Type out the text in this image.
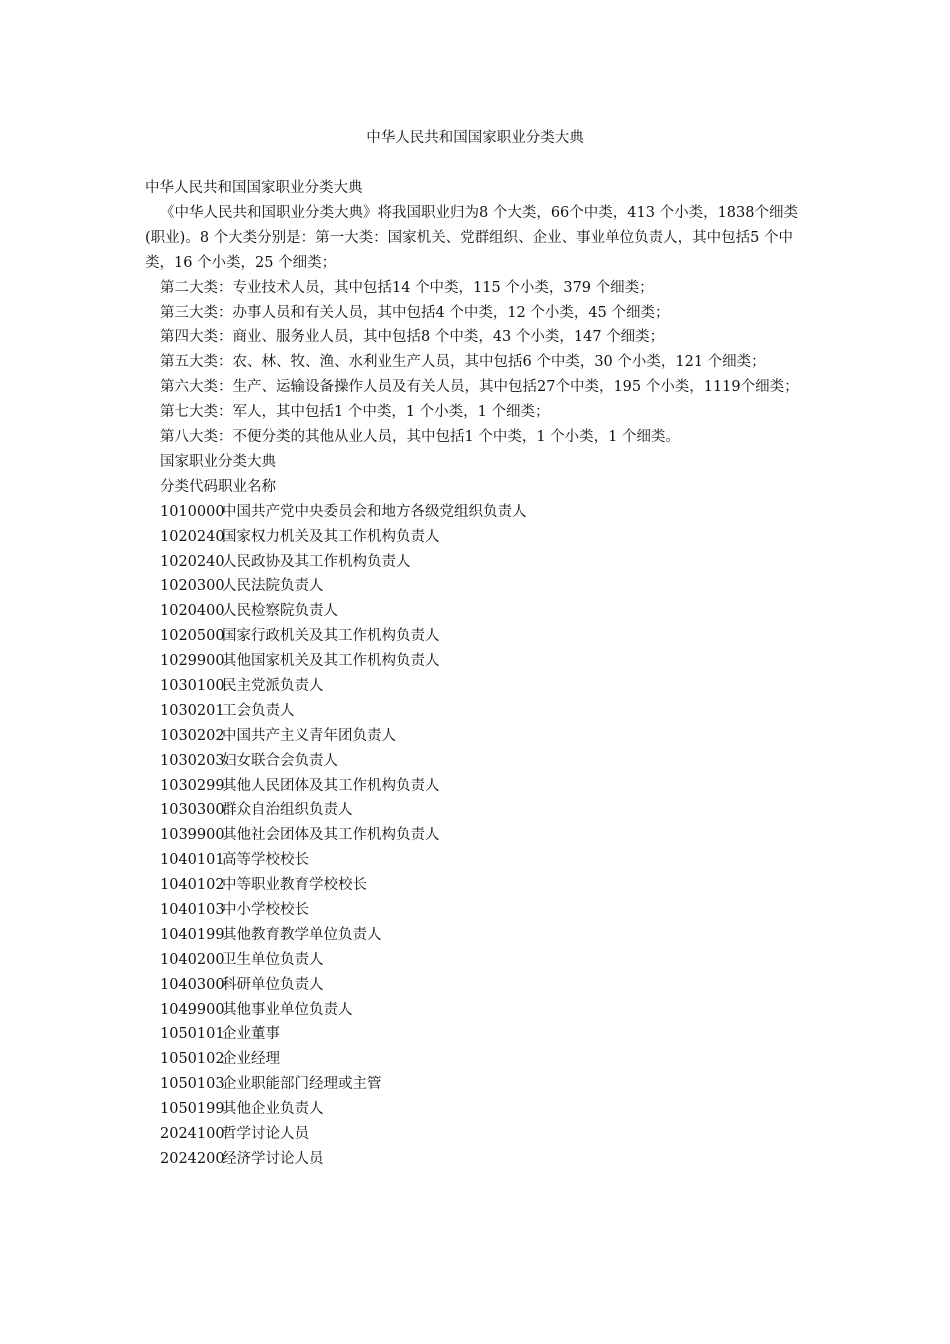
中华人民共和国国家职业分类大典

中华人民共和国国家职业分类大典

《中华人民共和国职业分类大典》将我国职业归为8 个大类，66个中类，413 个小类，1838个细类(职业)。8 个大类分别是：第一大类：国家机关、党群组织、企业、事业单位负责人，其中包括5 个中类，16 个小类，25 个细类；

第二大类：专业技术人员，其中包括14 个中类，115 个小类，379 个细类；

第三大类：办事人员和有关人员，其中包括4 个中类，12 个小类，45 个细类；

第四大类：商业、服务业人员，其中包括8 个中类，43 个小类，147 个细类；

第五大类：农、林、牧、渔、水利业生产人员，其中包括6 个中类，30 个小类，121 个细类；

第六大类：生产、运输设备操作人员及有关人员，其中包括27个中类，195 个小类，1119个细类；

第七大类：军人，其中包括1 个中类，1 个小类，1 个细类；

第八大类：不便分类的其他从业人员，其中包括1 个中类，1 个小类，1 个细类。

国家职业分类大典

分类代码职业名称

1010000中国共产党中央委员会和地方各级党组织负责人
1020240国家权力机关及其工作机构负责人
1020240人民政协及其工作机构负责人
1020300人民法院负责人
1020400人民检察院负责人
1020500国家行政机关及其工作机构负责人
1029900其他国家机关及其工作机构负责人
1030100民主党派负责人
1030201工会负责人
1030202中国共产主义青年团负责人
1030203妇女联合会负责人
1030299其他人民团体及其工作机构负责人
1030300群众自治组织负责人
1039900其他社会团体及其工作机构负责人
1040101高等学校校长
1040102中等职业教育学校校长
1040103中小学校校长
1040199其他教育教学单位负责人
1040200卫生单位负责人
1040300科研单位负责人
1049900其他事业单位负责人
1050101企业董事
1050102企业经理
1050103企业职能部门经理或主管
1050199其他企业负责人
2024100哲学讨论人员
2024200经济学讨论人员
